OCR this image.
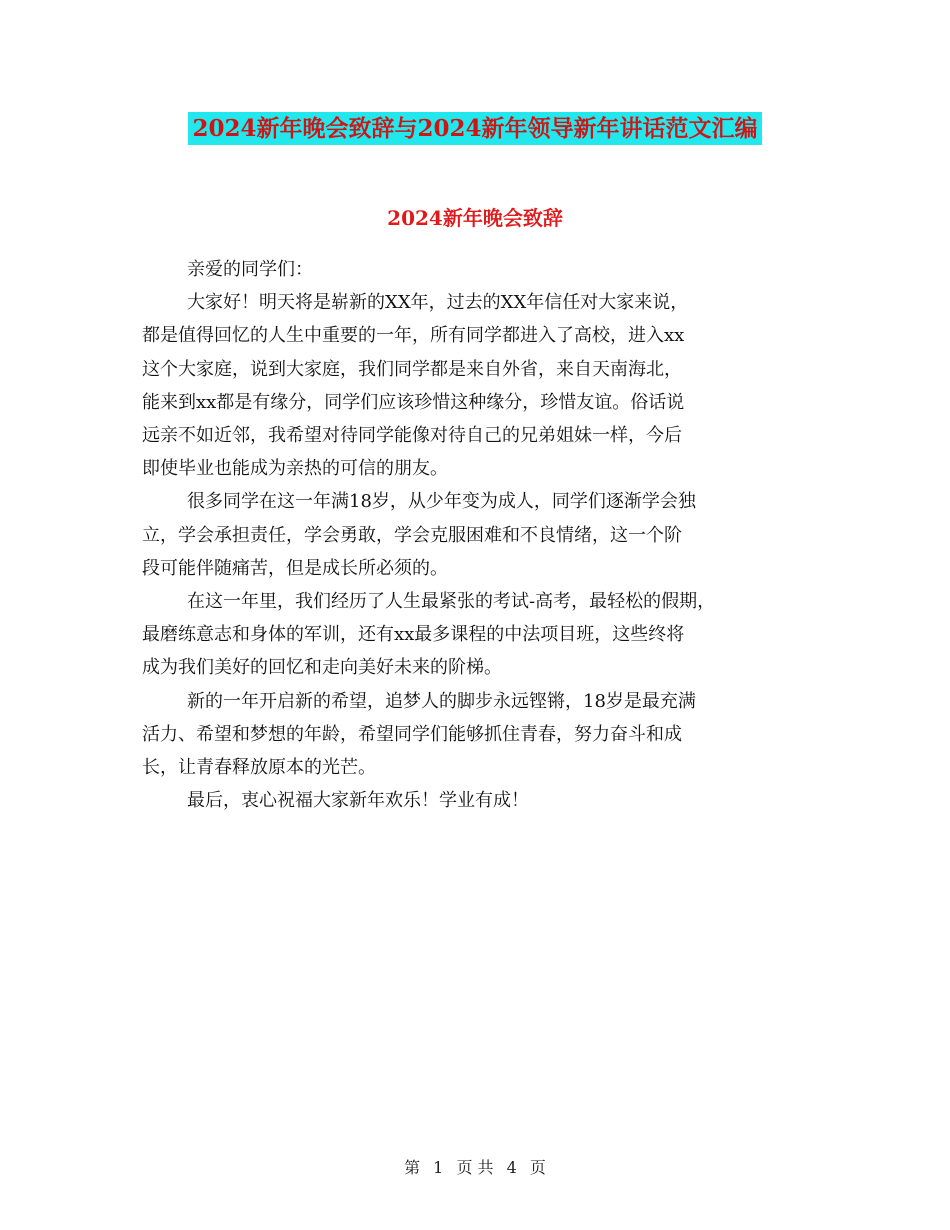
2024新年晚会致辞与2024新年领导新年讲话范文汇编
2024新年晚会致辞
亲爱的同学们：
大家好！明天将是崭新的XX年，过去的XX年信任对大家来说，
都是值得回忆的人生中重要的一年，所有同学都进入了高校，进入xx
这个大家庭，说到大家庭，我们同学都是来自外省，来自天南海北，
能来到xx都是有缘分，同学们应该珍惜这种缘分，珍惜友谊。俗话说
远亲不如近邻，我希望对待同学能像对待自己的兄弟姐妹一样，今后
即使毕业也能成为亲热的可信的朋友。
很多同学在这一年满18岁，从少年变为成人，同学们逐渐学会独
立，学会承担责任，学会勇敢，学会克服困难和不良情绪，这一个阶
段可能伴随痛苦，但是成长所必须的。
在这一年里，我们经历了人生最紧张的考试-高考，最轻松的假期，
最磨练意志和身体的军训，还有xx最多课程的中法项目班，这些终将
成为我们美好的回忆和走向美好未来的阶梯。
新的一年开启新的希望，追梦人的脚步永远铿锵，18岁是最充满
活力、希望和梦想的年龄，希望同学们能够抓住青春，努力奋斗和成
长，让青春释放原本的光芒。
最后，衷心祝福大家新年欢乐！学业有成！
第 1 页 共 4 页
